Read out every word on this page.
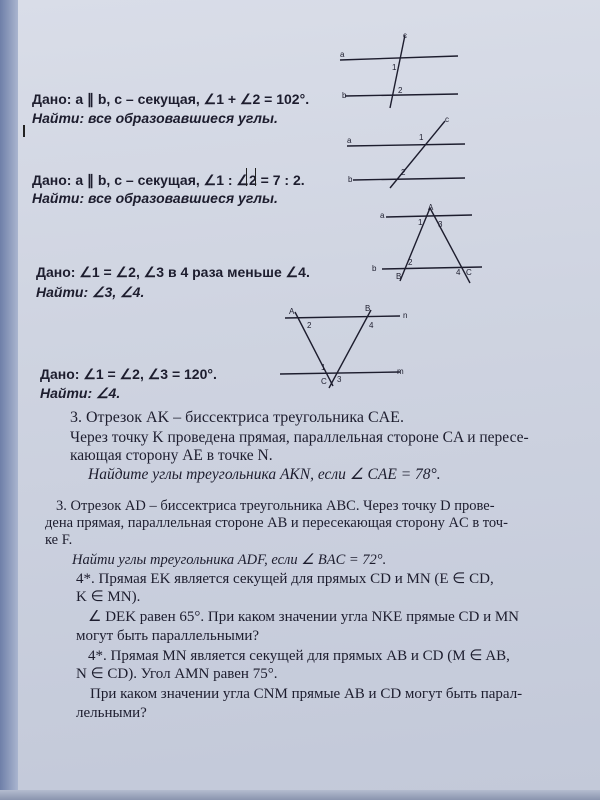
Дано: a ∥ b, c – секущая, ∠1 + ∠2 = 102°.
Найти: все образовавшиеся углы.
a
b
c
1
2
Дано: a ∥ b, c – секущая, ∠1 : ∠2 = 7 : 2.
Найти: все образовавшиеся углы.
a
b
c
1
2
Дано: ∠1 = ∠2, ∠3 в 4 раза меньше ∠4.
Найти: ∠3, ∠4.
a
b
A
B	C
1
2
3
4
Дано: ∠1 = ∠2, ∠3 = 120°.
Найти: ∠4.
A	B
C
n
m
1
2
3
4
3. Отрезок AK – биссектриса треугольника CAE.
Через точку K проведена прямая, параллельная стороне CA и пересе-
кающая сторону AE в точке N.
Найдите углы треугольника AKN, если ∠ CAE = 78°.
3. Отрезок AD – биссектриса треугольника ABC. Через точку D прове-
дена прямая, параллельная стороне AB и пересекающая сторону AC в точ-
ке F.
Найти углы треугольника ADF, если ∠ BAC = 72°.
4*. Прямая EK является секущей для прямых CD и MN (E ∈ CD,
K ∈ MN).
∠ DEK равен 65°. При каком значении угла NKE прямые CD и MN
могут быть параллельными?
4*. Прямая MN является секущей для прямых AB и CD (M ∈ AB,
N ∈ CD). Угол AMN равен 75°.
При каком значении угла CNM прямые AB и CD могут быть парал-
лельными?
